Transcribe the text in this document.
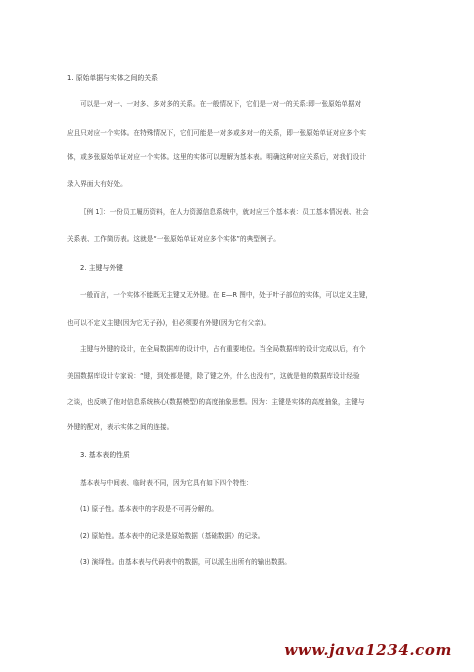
1. 原始单据与实体之间的关系
可以是一对一、一对多、多对多的关系。在一般情况下，它们是一对一的关系:即一张原始单据对
应且只对应一个实体。在特殊情况下，它们可能是一对多或多对一的关系，即一张原始单证对应多个实
体，或多张原始单证对应一个实体。这里的实体可以理解为基本表。明确这种对应关系后，对我们设计
录入界面大有好处。
〖例 1〗：一份员工履历资料，在人力资源信息系统中，就对应三个基本表：员工基本情况表、社会
关系表、工作简历表。这就是“一张原始单证对应多个实体”的典型例子。
2. 主键与外键
一般而言，一个实体不能既无主键又无外键。在 E—R 图中，处于叶子部位的实体，可以定义主键，
也可以不定义主键(因为它无子孙)，但必须要有外键(因为它有父亲)。
主键与外键的设计，在全局数据库的设计中，占有重要地位。当全局数据库的设计完成以后，有个
美国数据库设计专家说：“键，到处都是键，除了键之外，什么也没有”，这就是他的数据库设计经验
之谈，也反映了他对信息系统核心(数据模型)的高度抽象思想。因为：主键是实体的高度抽象，主键与
外键的配对，表示实体之间的连接。
3. 基本表的性质
基本表与中间表、临时表不同，因为它具有如下四个特性：
(1) 原子性。基本表中的字段是不可再分解的。
(2) 原始性。基本表中的记录是原始数据（基础数据）的记录。
(3) 演绎性。由基本表与代码表中的数据，可以派生出所有的输出数据。
www.java1234.com
